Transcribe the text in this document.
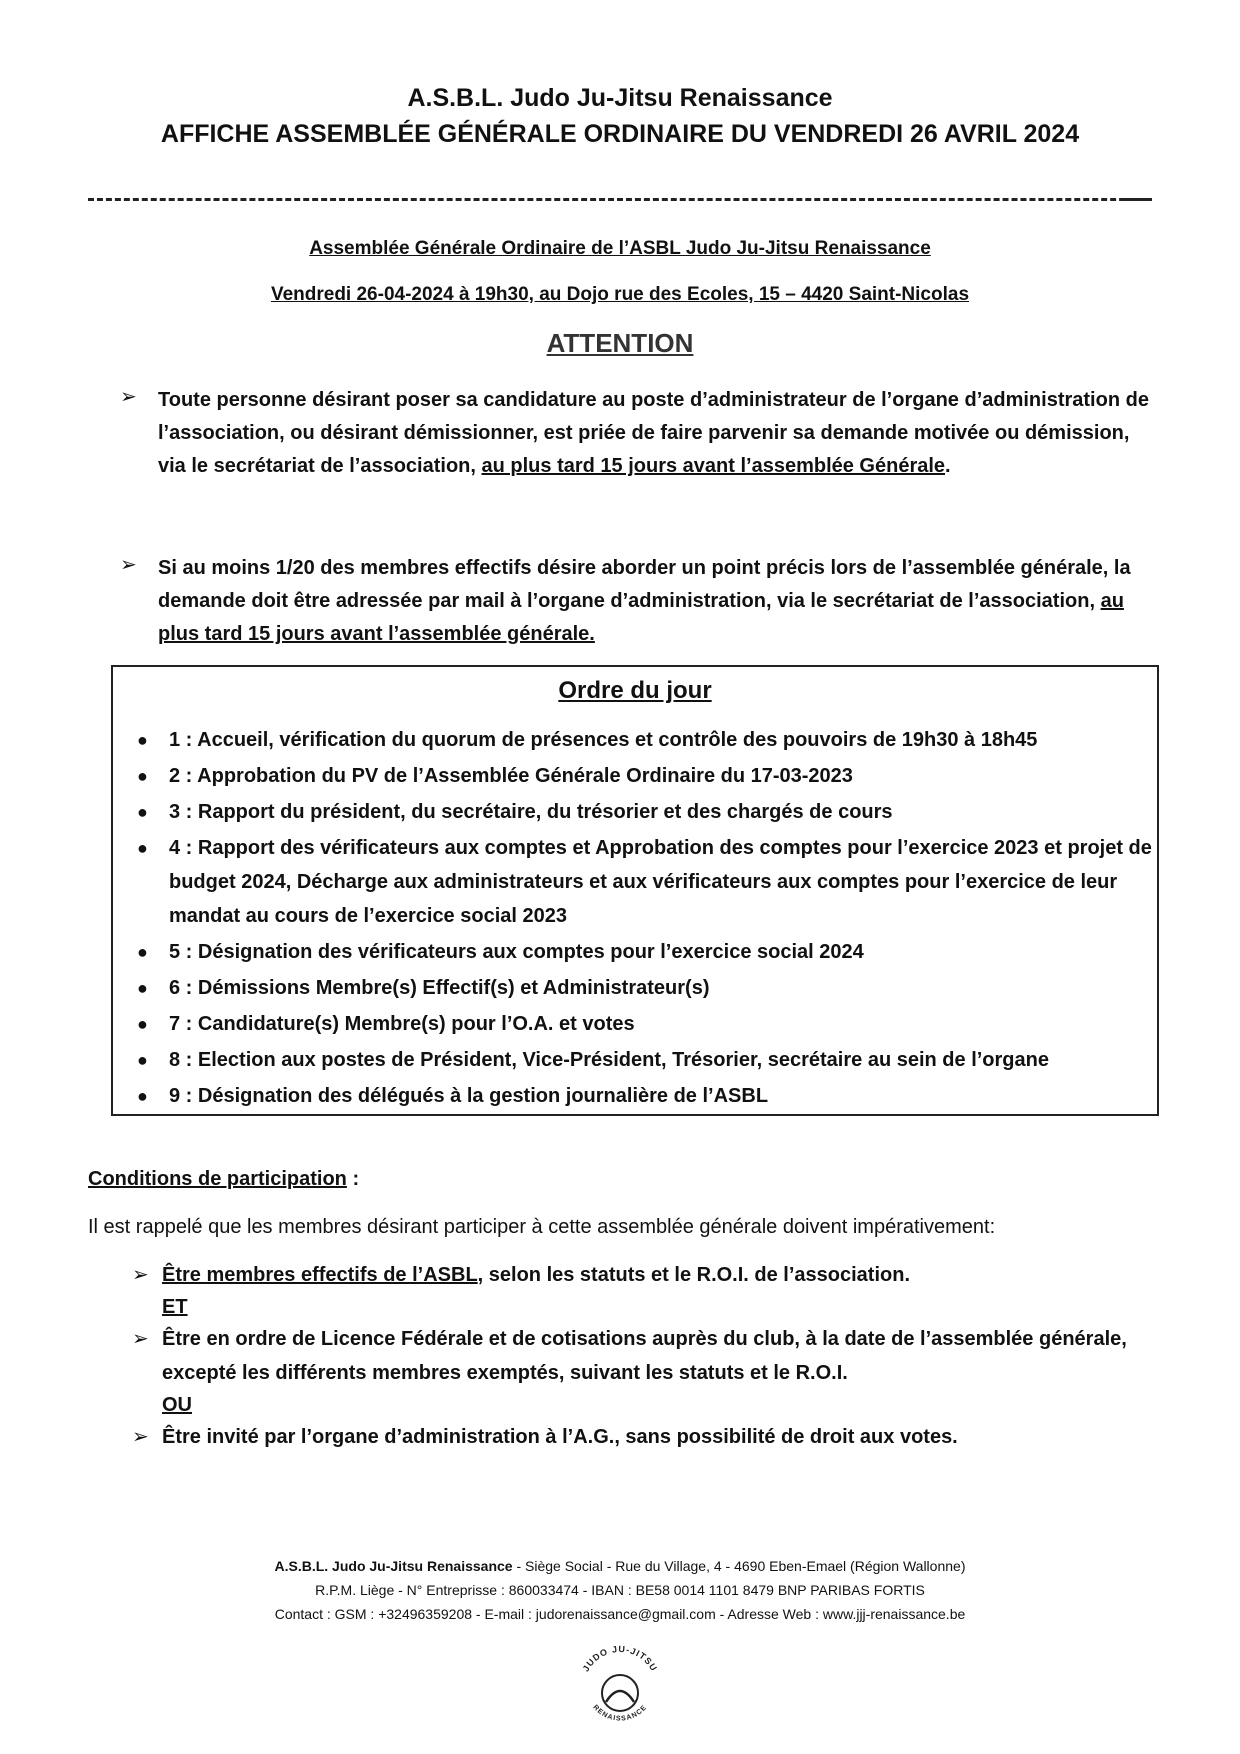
A.S.B.L. Judo Ju-Jitsu Renaissance
AFFICHE ASSEMBLÉE GÉNÉRALE ORDINAIRE DU VENDREDI 26 AVRIL 2024
Assemblée Générale Ordinaire de l’ASBL Judo Ju-Jitsu Renaissance
Vendredi 26-04-2024 à 19h30, au Dojo rue des Ecoles, 15 – 4420 Saint-Nicolas
ATTENTION
➢ Toute personne désirant poser sa candidature au poste d’administrateur de l’organe d’administration de l’association, ou désirant démissionner, est priée de faire parvenir sa demande motivée ou démission, via le secrétariat de l’association, au plus tard 15 jours avant l’assemblée Générale.
➢ Si au moins 1/20 des membres effectifs désire aborder un point précis lors de l’assemblée générale, la demande doit être adressée par mail à l’organe d’administration, via le secrétariat de l’association, au plus tard 15 jours avant l’assemblée générale.
Ordre du jour
● 1 : Accueil, vérification du quorum de présences et contrôle des pouvoirs de 19h30 à 18h45
● 2 : Approbation du PV de l’Assemblée Générale Ordinaire du 17-03-2023
● 3 : Rapport du président, du secrétaire, du trésorier et des chargés de cours
● 4 : Rapport des vérificateurs aux comptes et Approbation des comptes pour l’exercice 2023 et projet de budget 2024, Décharge aux administrateurs et aux vérificateurs aux comptes pour l’exercice de leur mandat au cours de l’exercice social 2023
● 5 : Désignation des vérificateurs aux comptes pour l’exercice social 2024
● 6 : Démissions Membre(s) Effectif(s) et Administrateur(s)
● 7 : Candidature(s) Membre(s) pour l’O.A. et votes
● 8 : Election aux postes de Président, Vice-Président, Trésorier, secrétaire au sein de l’organe
● 9 : Désignation des délégués à la gestion journalière de l’ASBL
Conditions de participation :
Il est rappelé que les membres désirant participer à cette assemblée générale doivent impérativement:
➢ Être membres effectifs de l’ASBL, selon les statuts et le R.O.I. de l’association.
ET
➢ Être en ordre de Licence Fédérale et de cotisations auprès du club, à la date de l’assemblée générale, excepté les différents membres exemptés, suivant les statuts et le R.O.I.
OU
➢ Être invité par l’organe d’administration à l’A.G., sans possibilité de droit aux votes.
A.S.B.L. Judo Ju-Jitsu Renaissance - Siège Social - Rue du Village, 4 - 4690 Eben-Emael (Région Wallonne)
R.P.M. Liège - N° Entreprisse : 860033474 - IBAN : BE58 0014 1101 8479 BNP PARIBAS FORTIS
Contact : GSM : +32496359208 - E-mail : judorenaissance@gmail.com - Adresse Web : www.jjj-renaissance.be
JUDO JU-JITSU
RENAISSANCE
